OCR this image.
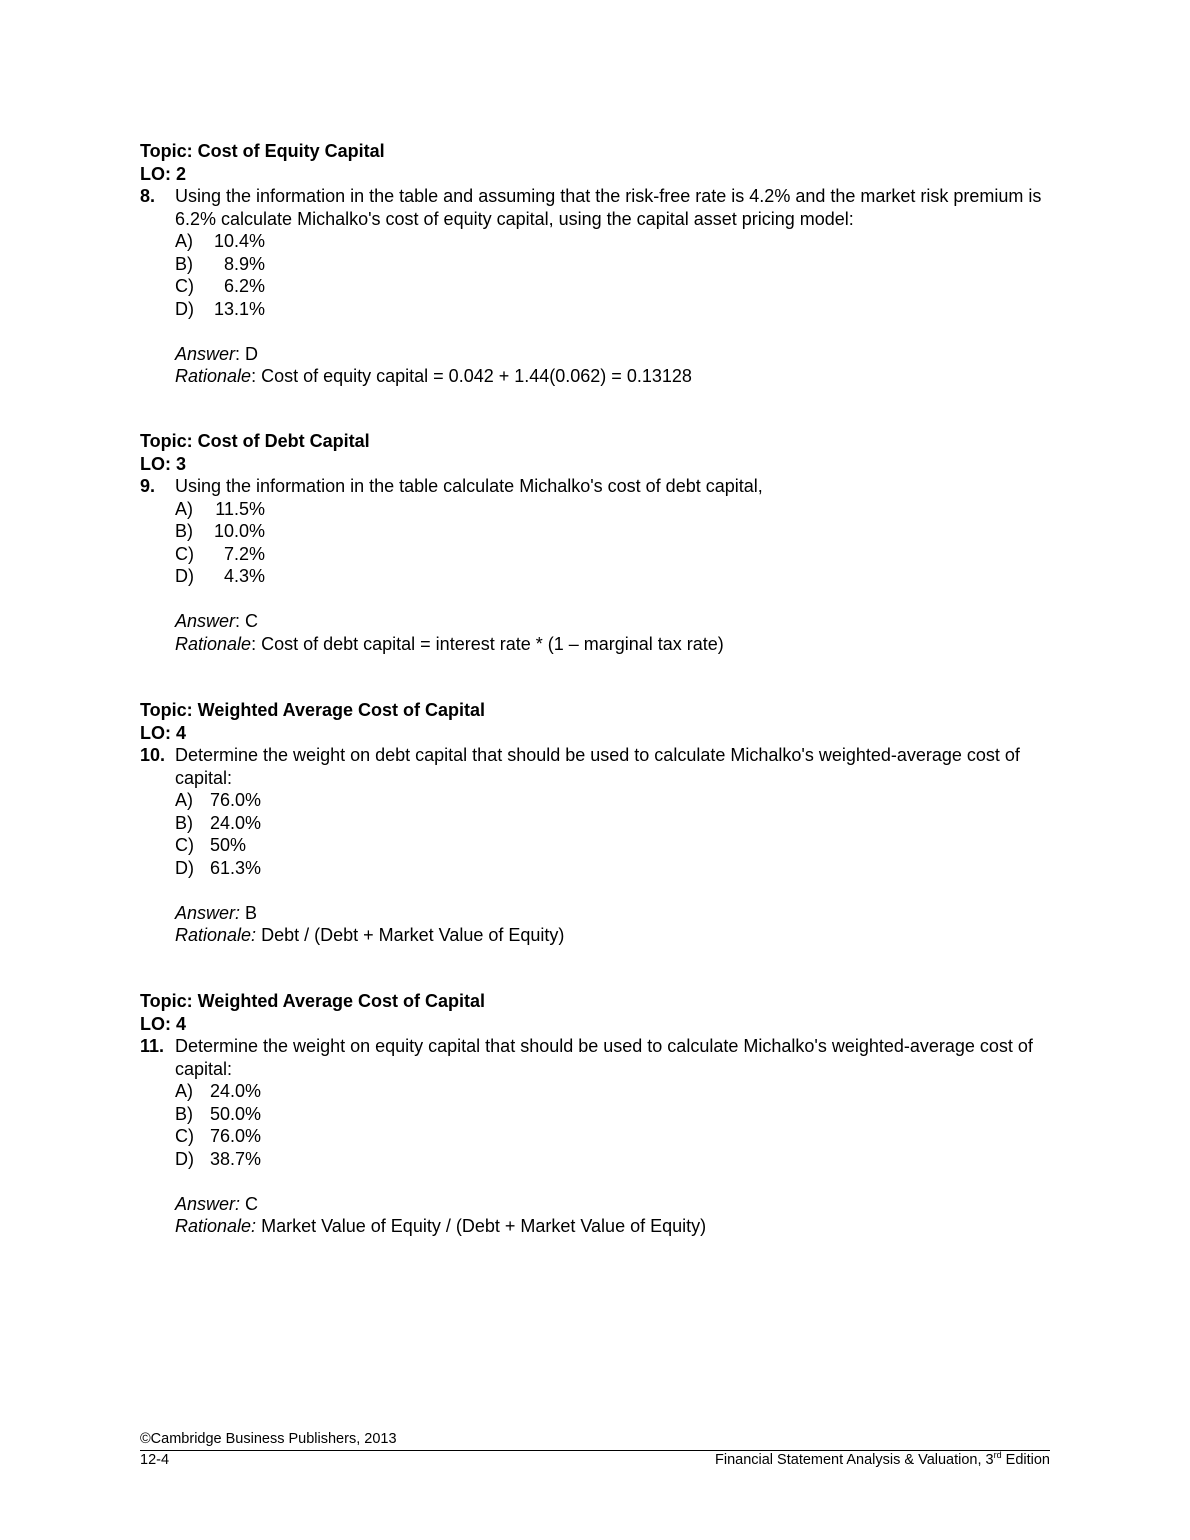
Topic: Cost of Equity Capital
LO: 2
8.	Using the information in the table and assuming that the risk-free rate is 4.2% and the market risk premium is 6.2% calculate Michalko's cost of equity capital, using the capital asset pricing model:
A)	10.4%
B)	8.9%
C)	6.2%
D)	13.1%
Answer: D
Rationale: Cost of equity capital = 0.042 + 1.44(0.062) = 0.13128
Topic: Cost of Debt Capital
LO: 3
9.	Using the information in the table calculate Michalko's cost of debt capital,
A)	11.5%
B)	10.0%
C)	7.2%
D)	4.3%
Answer: C
Rationale: Cost of debt capital = interest rate * (1 – marginal tax rate)
Topic: Weighted Average Cost of Capital
LO: 4
10. Determine the weight on debt capital that should be used to calculate Michalko's weighted-average cost of capital:
A) 76.0%
B) 24.0%
C) 50%
D) 61.3%
Answer: B
Rationale: Debt / (Debt + Market Value of Equity)
Topic: Weighted Average Cost of Capital
LO: 4
11. Determine the weight on equity capital that should be used to calculate Michalko's weighted-average cost of capital:
A) 24.0%
B) 50.0%
C) 76.0%
D) 38.7%
Answer: C
Rationale: Market Value of Equity / (Debt + Market Value of Equity)
©Cambridge Business Publishers, 2013
12-4	Financial Statement Analysis & Valuation, 3rd Edition
